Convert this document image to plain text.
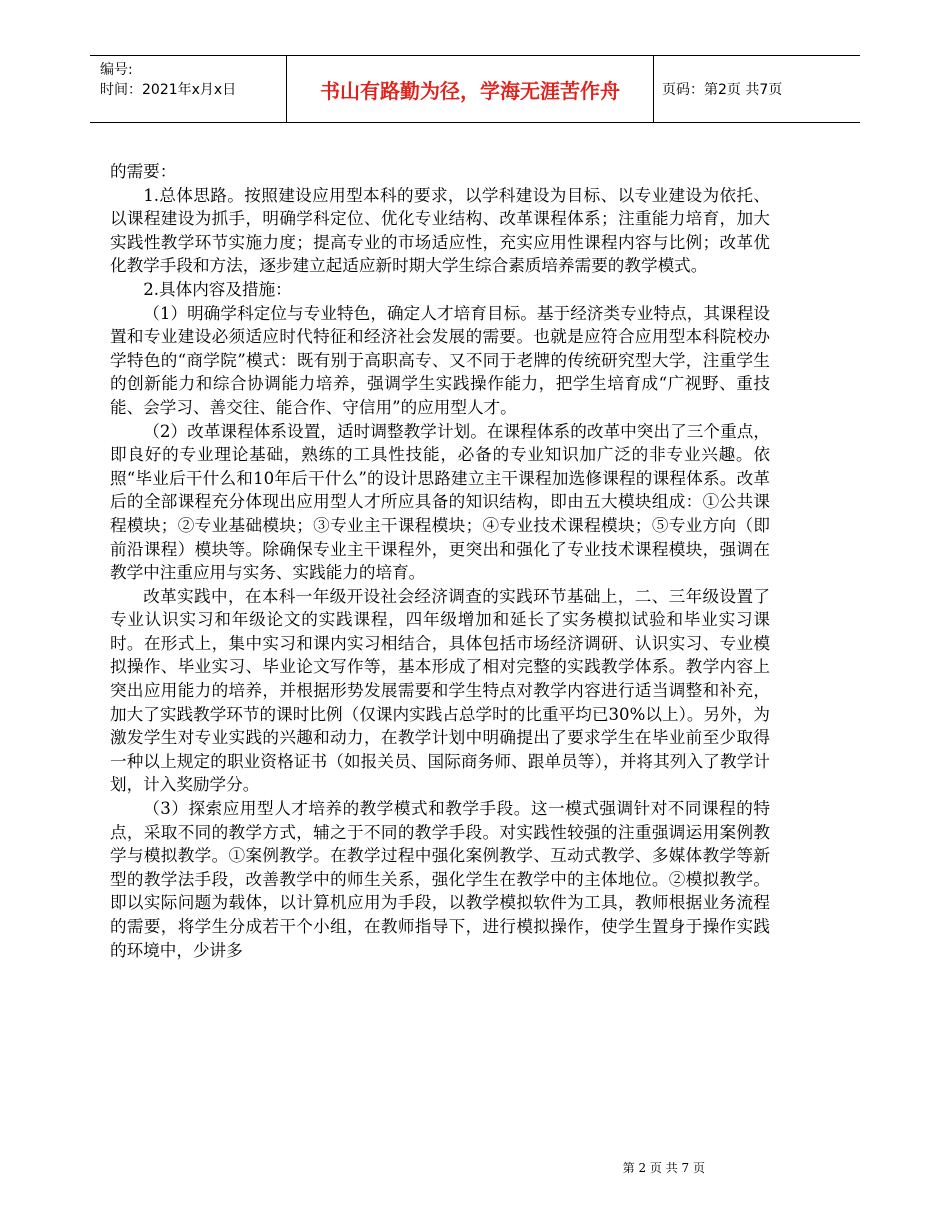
编号:
时间：2021年x月x日	书山有路勤为径，学海无涯苦作舟	页码：第2页 共7页

的需要：

1.总体思路。按照建设应用型本科的要求，以学科建设为目标、以专业建设为依托、以课程建设为抓手，明确学科定位、优化专业结构、改革课程体系；注重能力培育，加大实践性教学环节实施力度；提高专业的市场适应性，充实应用性课程内容与比例；改革优化教学手段和方法，逐步建立起适应新时期大学生综合素质培养需要的教学模式。

2.具体内容及措施：

（1）明确学科定位与专业特色，确定人才培育目标。基于经济类专业特点，其课程设置和专业建设必须适应时代特征和经济社会发展的需要。也就是应符合应用型本科院校办学特色的“商学院”模式：既有别于高职高专、又不同于老牌的传统研究型大学，注重学生的创新能力和综合协调能力培养，强调学生实践操作能力，把学生培育成“广视野、重技能、会学习、善交往、能合作、守信用”的应用型人才。

（2）改革课程体系设置，适时调整教学计划。在课程体系的改革中突出了三个重点，即良好的专业理论基础，熟练的工具性技能，必备的专业知识加广泛的非专业兴趣。依照“毕业后干什么和10年后干什么”的设计思路建立主干课程加选修课程的课程体系。改革后的全部课程充分体现出应用型人才所应具备的知识结构，即由五大模块组成：①公共课程模块；②专业基础模块；③专业主干课程模块；④专业技术课程模块；⑤专业方向（即前沿课程）模块等。除确保专业主干课程外，更突出和强化了专业技术课程模块，强调在教学中注重应用与实务、实践能力的培育。

改革实践中，在本科一年级开设社会经济调查的实践环节基础上，二、三年级设置了专业认识实习和年级论文的实践课程，四年级增加和延长了实务模拟试验和毕业实习课时。在形式上，集中实习和课内实习相结合，具体包括市场经济调研、认识实习、专业模拟操作、毕业实习、毕业论文写作等，基本形成了相对完整的实践教学体系。教学内容上突出应用能力的培养，并根据形势发展需要和学生特点对教学内容进行适当调整和补充，加大了实践教学环节的课时比例（仅课内实践占总学时的比重平均已30%以上）。另外，为激发学生对专业实践的兴趣和动力，在教学计划中明确提出了要求学生在毕业前至少取得一种以上规定的职业资格证书（如报关员、国际商务师、跟单员等），并将其列入了教学计划，计入奖励学分。

（3）探索应用型人才培养的教学模式和教学手段。这一模式强调针对不同课程的特点，采取不同的教学方式，辅之于不同的教学手段。对实践性较强的注重强调运用案例教学与模拟教学。①案例教学。在教学过程中强化案例教学、互动式教学、多媒体教学等新型的教学法手段，改善教学中的师生关系，强化学生在教学中的主体地位。②模拟教学。即以实际问题为载体，以计算机应用为手段，以教学模拟软件为工具，教师根据业务流程的需要，将学生分成若干个小组，在教师指导下，进行模拟操作，使学生置身于操作实践的环境中，少讲多

第 2 页 共 7 页
